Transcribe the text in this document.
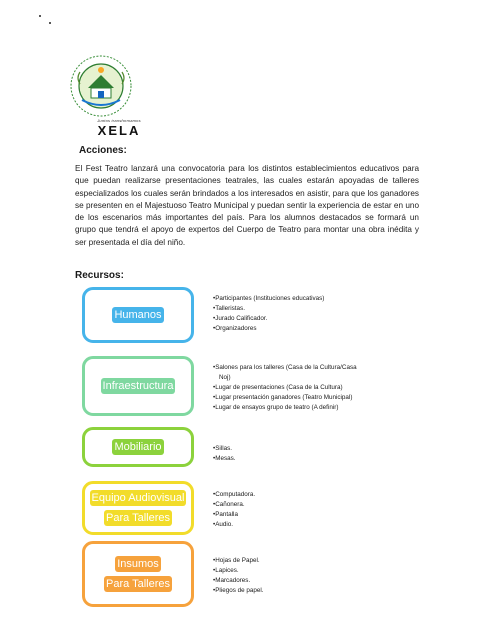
Juntos transformamos
XELA
Acciones:
El Fest Teatro lanzará una convocatoria para los distintos establecimientos educativos para que puedan realizarse presentaciones teatrales, las cuales estarán apoyadas de talleres especializados los cuales serán brindados a los interesados en asistir, para que los ganadores se presenten en el Majestuoso Teatro Municipal y puedan sentir la experiencia de estar en uno de los escenarios más importantes del país. Para los alumnos destacados se formará un grupo que tendrá el apoyo de expertos del Cuerpo de Teatro para montar una obra inédita y ser presentada el día del niño.
Recursos:
Humanos
•Participantes (Instituciones educativas)
•Talleristas.
•Jurado Calificador.
•Organizadores
Infraestructura
•Salones para los talleres (Casa de la Cultura/Casa
Noj)
•Lugar de presentaciones (Casa de la Cultura)
•Lugar presentación ganadores (Teatro Municipal)
•Lugar de ensayos grupo de teatro (A definir)
Mobiliario	•Sillas.
•Mesas.
Equipo Audiovisual
Para Talleres
•Computadora.
•Cañonera.
•Pantalla
•Audio.
Insumos
Para Talleres
•Hojas de Papel.
•Lapices.
•Marcadores.
•Pliegos de papel.
